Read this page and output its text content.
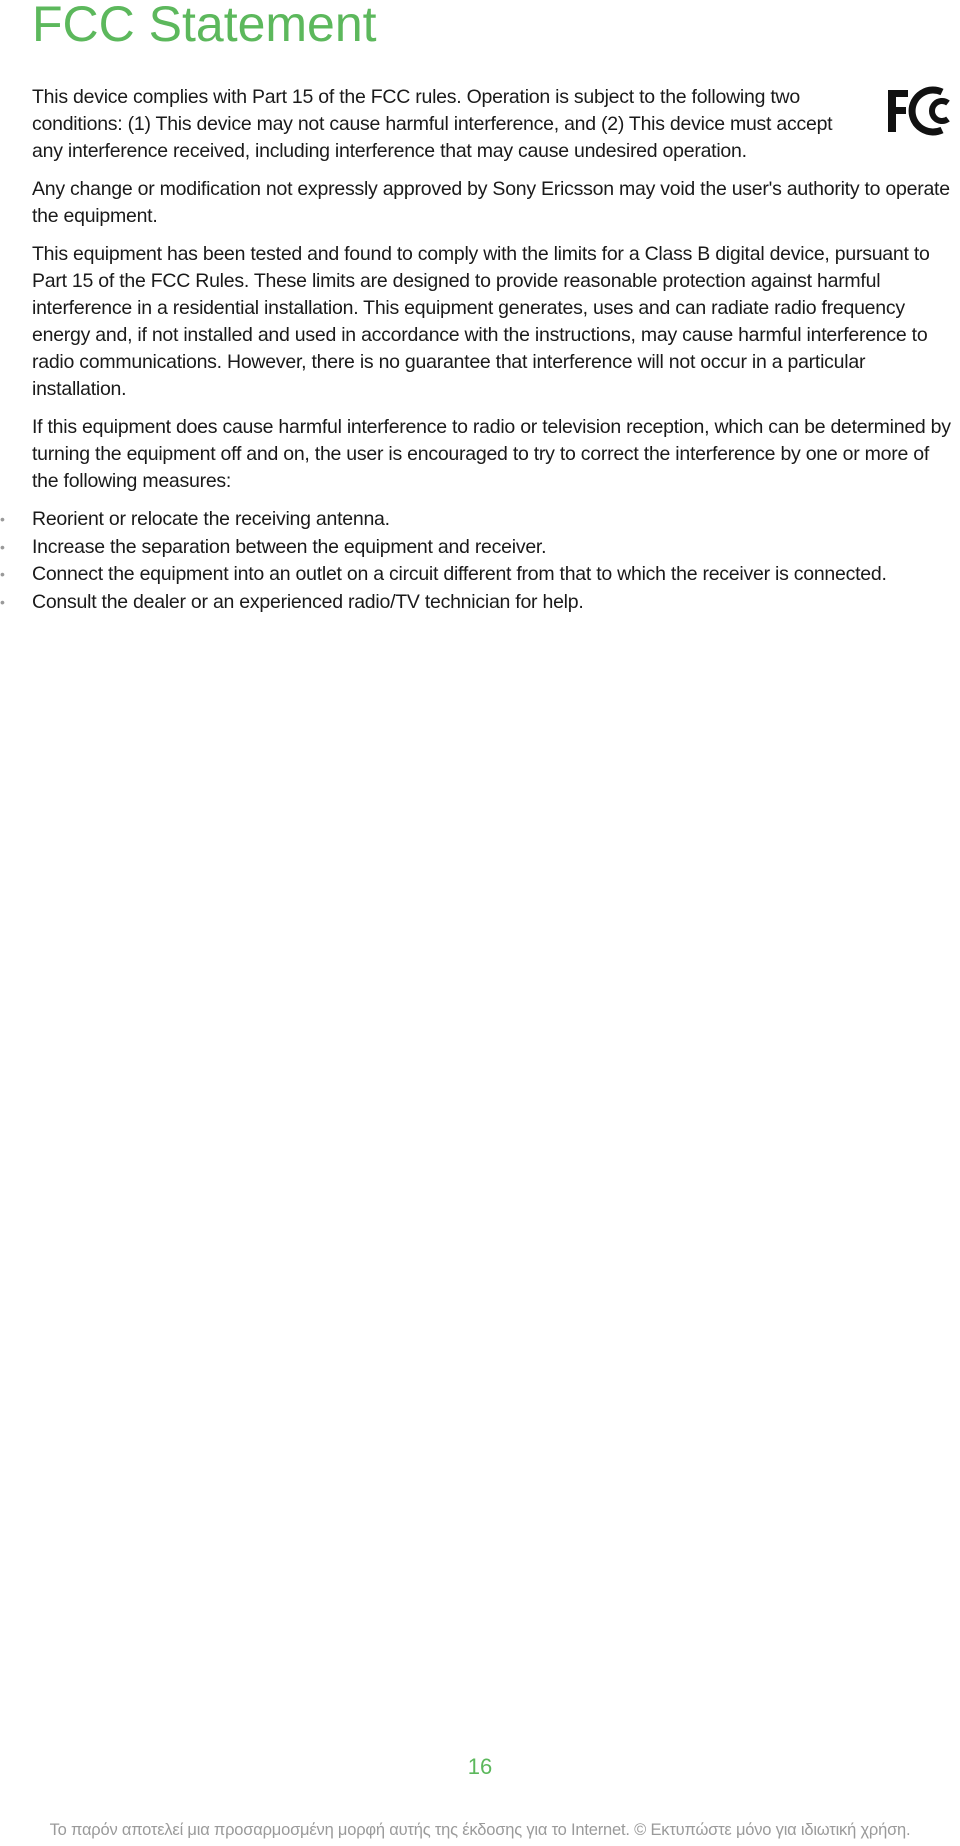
FCC Statement

This device complies with Part 15 of the FCC rules. Operation is subject to the following two conditions: (1) This device may not cause harmful interference, and (2) This device must accept any interference received, including interference that may cause undesired operation.

Any change or modification not expressly approved by Sony Ericsson may void the user's authority to operate the equipment.

This equipment has been tested and found to comply with the limits for a Class B digital device, pursuant to Part 15 of the FCC Rules. These limits are designed to provide reasonable protection against harmful interference in a residential installation. This equipment generates, uses and can radiate radio frequency energy and, if not installed and used in accordance with the instructions, may cause harmful interference to radio communications. However, there is no guarantee that interference will not occur in a particular installation.

If this equipment does cause harmful interference to radio or television reception, which can be determined by turning the equipment off and on, the user is encouraged to try to correct the interference by one or more of the following measures:

• Reorient or relocate the receiving antenna.
• Increase the separation between the equipment and receiver.
• Connect the equipment into an outlet on a circuit different from that to which the receiver is connected.
• Consult the dealer or an experienced radio/TV technician for help.
16
Το παρόν αποτελεί μια προσαρμοσμένη μορφή αυτής της έκδοσης για το Internet. © Εκτυπώστε μόνο για ιδιωτική χρήση.
